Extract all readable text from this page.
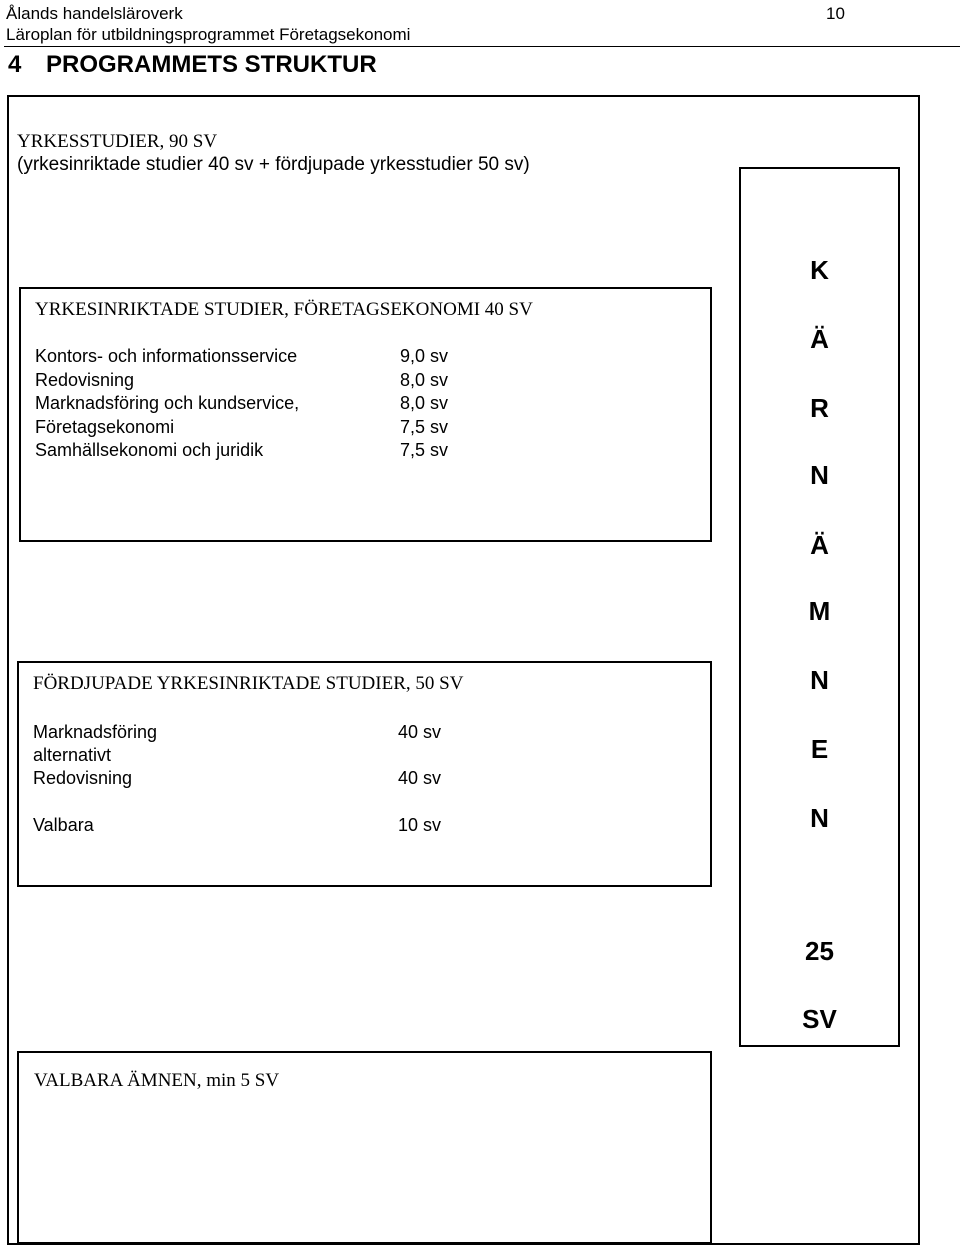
Ålands handelsläroverk
Läroplan för utbildningsprogrammet Företagsekonomi
10
4 PROGRAMMETS STRUKTUR
YRKESSTUDIER, 90 SV
(yrkesinriktade studier 40 sv + fördjupade yrkesstudier 50 sv)
YRKESINRIKTADE STUDIER, FÖRETAGSEKONOMI 40 SV
Kontors- och informationsservice	9,0 sv
Redovisning	8,0 sv
Marknadsföring och kundservice,	8,0 sv
Företagsekonomi	7,5 sv
Samhällsekonomi och juridik	7,5 sv
FÖRDJUPADE YRKESINRIKTADE STUDIER, 50 SV
Marknadsföring	40 sv
alternativt
Redovisning	40 sv
Valbara	10 sv
VALBARA ÄMNEN, min 5 SV
K
Ä
R
N
Ä
M
N
E
N
25
SV
